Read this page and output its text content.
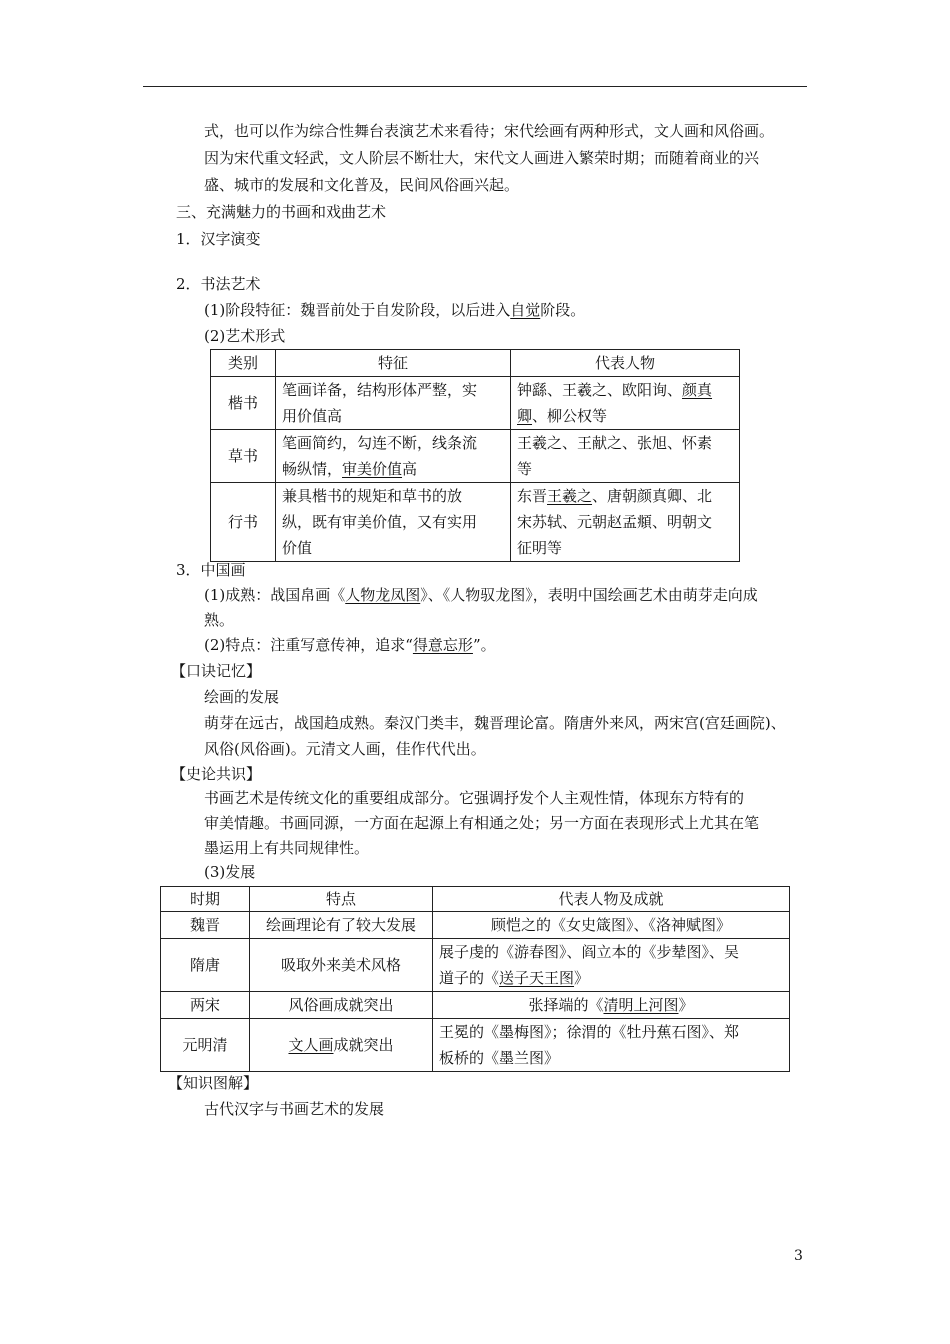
式，也可以作为综合性舞台表演艺术来看待；宋代绘画有两种形式，文人画和风俗画。
因为宋代重文轻武，文人阶层不断壮大，宋代文人画进入繁荣时期；而随着商业的兴
盛、城市的发展和文化普及，民间风俗画兴起。
三、充满魅力的书画和戏曲艺术
1．汉字演变
2．书法艺术
(1)阶段特征：魏晋前处于自发阶段，以后进入自觉阶段。
(2)艺术形式
类别	特征	代表人物
楷书	笔画详备，结构形体严整，实
用价值高	钟繇、王羲之、欧阳询、颜真
卿、柳公权等
草书	笔画简约，勾连不断，线条流
畅纵情，审美价值高	王羲之、王献之、张旭、怀素
等
行书	兼具楷书的规矩和草书的放
纵，既有审美价值，又有实用
价值	东晋王羲之、唐朝颜真卿、北
宋苏轼、元朝赵孟頫、明朝文
征明等
3．中国画
(1)成熟：战国帛画《人物龙凤图》、《人物驭龙图》，表明中国绘画艺术由萌芽走向成
熟。
(2)特点：注重写意传神，追求“得意忘形”。
【口诀记忆】
绘画的发展
萌芽在远古，战国趋成熟。秦汉门类丰，魏晋理论富。隋唐外来风，两宋宫(宫廷画院)、
风俗(风俗画)。元清文人画，佳作代代出。
【史论共识】
书画艺术是传统文化的重要组成部分。它强调抒发个人主观性情，体现东方特有的
审美情趣。书画同源，一方面在起源上有相通之处；另一方面在表现形式上尤其在笔
墨运用上有共同规律性。
(3)发展
时期	特点	代表人物及成就
魏晋	绘画理论有了较大发展	顾恺之的《女史箴图》、《洛神赋图》
隋唐	吸取外来美术风格	展子虔的《游春图》、阎立本的《步辇图》、吴
道子的《送子天王图》
两宋	风俗画成就突出	张择端的《清明上河图》
元明清	文人画成就突出	王冕的《墨梅图》；徐渭的《牡丹蕉石图》、郑
板桥的《墨兰图》
【知识图解】
古代汉字与书画艺术的发展
3
